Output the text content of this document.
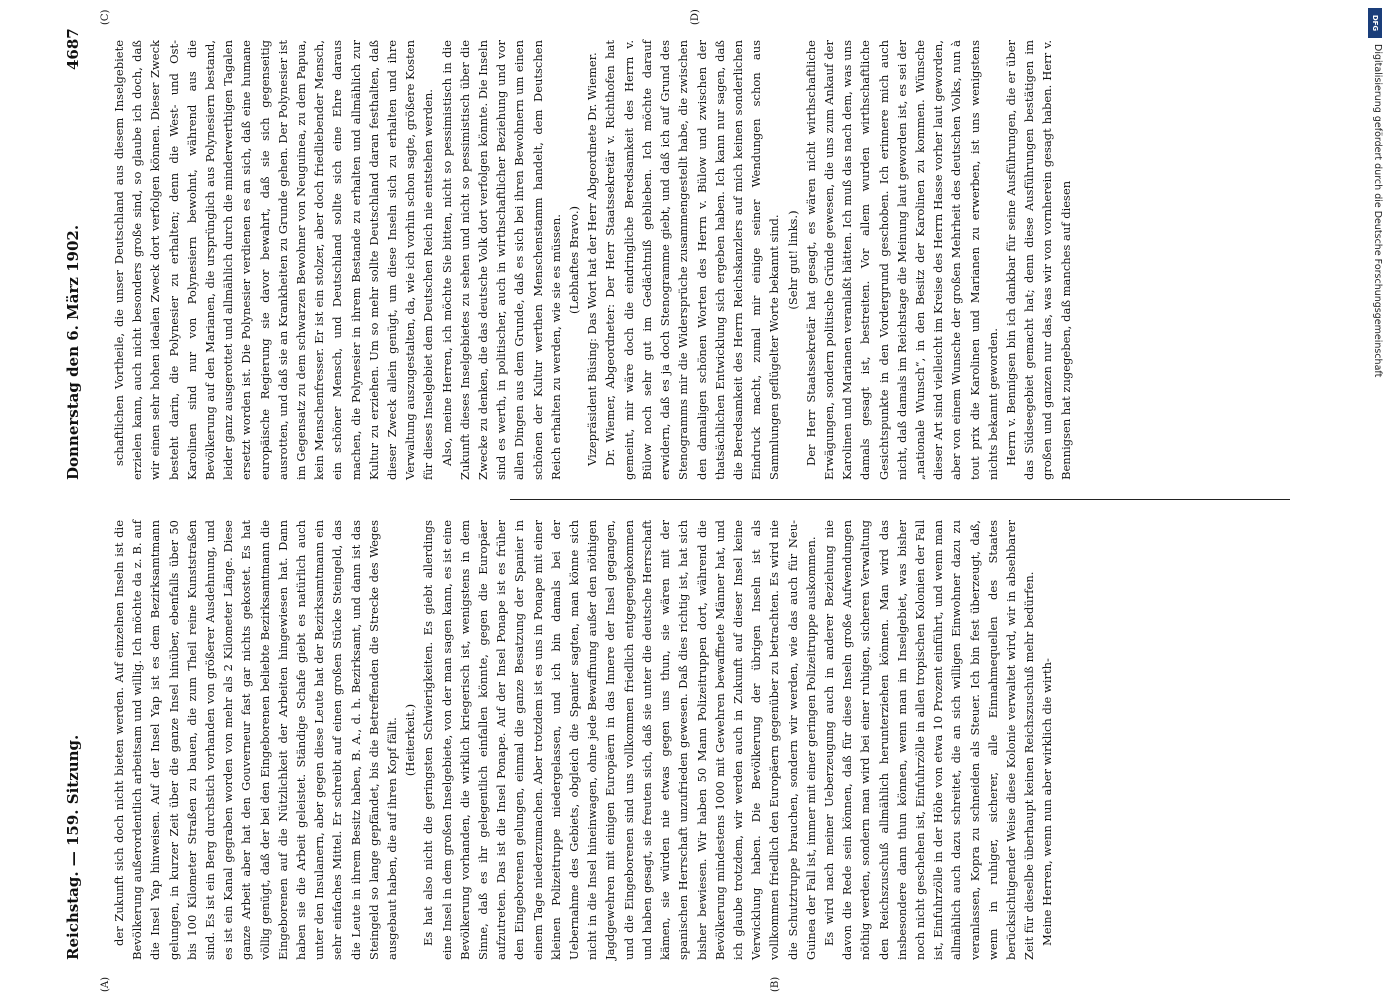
Reichstag. — 159. Sitzung.
Donnerstag den 6. März 1902.
4687
(A)	(B)
(C)	(D)

der Zukunft sich doch nicht bieten werden. Auf einzelnen Inseln ist die Bevölkerung außerordentlich arbeitsam und willig. Ich möchte da z. B. auf die Insel Yap hinweisen. Auf der Insel Yap ist es dem Bezirksamtmann gelungen, in kurzer Zeit über die ganze Insel hinüber, ebenfalls über 50 bis 100 Kilometer Straßen zu bauen, die zum Theil reine Kunststraßen sind. Es ist ein Berg durchstich vorhanden von größerer Ausdehnung, und es ist ein Kanal gegraben worden von mehr als 2 Kilometer Länge. Diese ganze Arbeit aber hat den Gouverneur fast gar nichts gekostet. Es hat völlig genügt, daß der bei den Eingeborenen beliebte Bezirksamtmann die Eingeborenen auf die Nützlichkeit der Arbeiten hingewiesen hat. Dann haben sie die Arbeit geleistet. Ständige Schafe giebt es natürlich auch unter den Insulanern, aber gegen diese Leute hat der Bezirksamtmann ein sehr einfaches Mittel. Er schreibt auf einen großen Stücke Steingeld, das die Leute in ihrem Besitz haben, B. A., d. h. Bezirksamt, und dann ist das Steingeld so lange gepfändet, bis die Betreffenden die Strecke des Weges ausgebaut haben, die auf ihren Kopf fällt. (Heiterkeit.) Es hat also nicht die geringsten Schwierigkeiten. Es giebt allerdings eine Insel in dem großen Inselgebiete, von der man sagen kann, es ist eine Bevölkerung vorhanden, die wirklich kriegerisch ist, wenigstens in dem Sinne, daß es ihr gelegentlich einfallen könnte, gegen die Europäer aufzutreten. Das ist die Insel Ponape. Auf der Insel Ponape ist es früher den Eingeborenen gelungen, einmal die ganze Besatzung der Spanier in einem Tage niederzumachen. Aber trotzdem ist es uns in Ponape mit einer kleinen Polizeitruppe niedergelassen, und ich bin damals bei der Uebernahme des Gebiets, obgleich die Spanier sagten, man könne sich nicht in die Insel hineinwagen, ohne jede Bewaffnung außer den nöthigen Jagdgewehren mit einigen Europäern in das Innere der Insel gegangen, und die Eingeborenen sind uns vollkommen friedlich entgegengekommen und haben gesagt, sie freuten sich, daß sie unter die deutsche Herrschaft kämen, sie würden nie etwas gegen uns thun, sie wären mit der spanischen Herrschaft unzufrieden gewesen. Daß dies richtig ist, hat sich bisher bewiesen. Wir haben 50 Mann Polizeitruppen dort, während die Bevölkerung mindestens 1000 mit Gewehren bewaffnete Männer hat, und ich glaube trotzdem, wir werden auch in Zukunft auf dieser Insel keine Verwicklung haben. Die Bevölkerung der übrigen Inseln ist als vollkommen friedlich den Europäern gegenüber zu betrachten. Es wird nie die Schutztruppe brauchen, sondern wir werden, wie das auch für Neu-Guinea der Fall ist, immer mit einer geringen Polizeitruppe auskommen. Es wird nach meiner Ueberzeugung auch in anderer Beziehung nie davon die Rede sein können, daß für diese Inseln große Aufwendungen nöthig werden, sondern man wird bei einer ruhigen, sicheren Verwaltung den Reichszuschuß allmählich herunterziehen können. Man wird das insbesondere dann thun können, wenn man im Inselgebiet, was bisher noch nicht geschehen ist, Einfuhrzölle in allen tropischen Kolonien der Fall ist, Einfuhrzölle in der Höhe von etwa 10 Prozent einführt, und wenn man allmählich auch dazu schreitet, die an sich willigen Einwohner dazu zu veranlassen, Kopra zu schneiden als Steuer. Ich bin fest überzeugt, daß, wenn in ruhiger, sicherer, alle Einnahmequellen des Staates berücksichtigender Weise diese Kolonie verwaltet wird, wir in absehbarer Zeit für dieselbe überhaupt keinen Reichszuschuß mehr bedürfen. Meine Herren, wenn nun aber wirklich die wirth-

schaftlichen Vortheile, die unser Deutschland aus diesem Inselgebiete erzielen kann, auch nicht besonders große sind, so glaube ich doch, daß wir einen sehr hohen idealen Zweck dort verfolgen können. Dieser Zweck besteht darin, die Polynesier zu erhalten; denn die West- und Ost-Karolinen sind nur von Polynesiern bewohnt, während aus die Bevölkerung auf den Marianen, die ursprünglich aus Polynesiern bestand, leider ganz ausgerottet und allmählich durch die minderwerthigen Tagalen ersetzt worden ist. Die Polynesier verdienen es an sich, daß eine humane europäische Regierung sie davor bewahrt, daß sie sich gegenseitig ausrotten, und daß sie an Krankheiten zu Grunde gehen. Der Polynesier ist im Gegensatz zu dem schwarzen Bewohner von Neuguinea, zu dem Papua, kein Menschenfresser. Er ist ein stolzer, aber doch friedliebender Mensch, ein schöner Mensch, und Deutschland sollte sich eine Ehre daraus machen, die Polynesier in ihrem Bestande zu erhalten und allmählich zur Kultur zu erziehen. Um so mehr sollte Deutschland daran festhalten, daß dieser Zweck allein genügt, um diese Inseln sich zu erhalten und ihre Verwaltung auszugestalten, da, wie ich vorhin schon sagte, größere Kosten für dieses Inselgebiet dem Deutschen Reich nie entstehen werden. Also, meine Herren, ich möchte Sie bitten, nicht so pessimistisch in die Zukunft dieses Inselgebietes zu sehen und nicht so pessimistisch über die Zwecke zu denken, die das deutsche Volk dort verfolgen könnte. Die Inseln sind es werth, in politischer, auch in wirthschaftlicher Beziehung und vor allen Dingen aus dem Grunde, daß es sich bei ihren Bewohnern um einen schönen der Kultur werthen Menschenstamm handelt, dem Deutschen Reich erhalten zu werden, wie sie es müssen. (Lebhaftes Bravo.) Vizepräsident Büsing: Das Wort hat der Herr Abgeordnete Dr. Wiemer. Dr. Wiemer, Abgeordneter: Der Herr Staatssekretär v. Richthofen hat gemeint, mir wäre doch die eindringliche Beredsamkeit des Herrn v. Bülow noch sehr gut im Gedächtniß geblieben. Ich möchte darauf erwidern, daß es ja doch Stenogramme giebt, und daß ich auf Grund des Stenogramms mir die Widersprüche zusammengestellt habe, die zwischen den damaligen schönen Worten des Herrn v. Bülow und zwischen der thatsächlichen Entwicklung sich ergeben haben. Ich kann nur sagen, daß die Beredsamkeit des Herrn Reichskanzlers auf mich keinen sonderlichen Eindruck macht, zumal mir einige seiner Wendungen schon aus Sammlungen geflügelter Worte bekannt sind. (Sehr gut! links.) Der Herr Staatssekretär hat gesagt, es wären nicht wirthschaftliche Erwägungen, sondern politische Gründe gewesen, die uns zum Ankauf der Karolinen und Marianen veranlaßt hätten. Ich muß das nach dem, was uns damals gesagt ist, bestreiten. Vor allem wurden wirthschaftliche Gesichtspunkte in den Vordergrund geschoben. Ich erinnere mich auch nicht, daß damals im Reichstage die Meinung laut geworden ist, es sei der „nationale Wunsch“, in den Besitz der Karolinen zu kommen. Wünsche dieser Art sind vielleicht im Kreise des Herrn Hasse vorher laut geworden, aber von einem Wunsche der großen Mehrheit des deutschen Volks, nun à tout prix die Karolinen und Marianen zu erwerben, ist uns wenigstens nichts bekannt geworden. Herrn v. Bennigsen bin ich dankbar für seine Ausführungen, die er über das Südseegebiet gemacht hat; denn diese Ausführungen bestätigen im großen und ganzen nur das, was wir von vornherein gesagt haben. Herr v. Bennigsen hat zugegeben, daß manches auf diesen

DFG
Digitalisierung gefördert durch die Deutsche Forschungsgemeinschaft
